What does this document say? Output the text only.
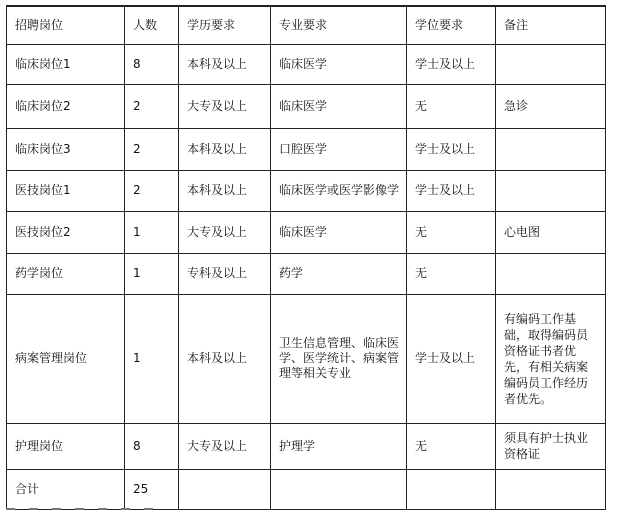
招聘岗位	人数	学历要求	专业要求	学位要求	备注
临床岗位1	8	本科及以上	临床医学	学士及以上	
临床岗位2	2	大专及以上	临床医学	无	急诊
临床岗位3	2	本科及以上	口腔医学	学士及以上	
医技岗位1	2	本科及以上	临床医学或医学影像学	学士及以上	
医技岗位2	1	大专及以上	临床医学	无	心电图
药学岗位	1	专科及以上	药学	无	
病案管理岗位	1	本科及以上	卫生信息管理、临床医学、医学统计、病案管理等相关专业	学士及以上	有编码工作基础，取得编码员资格证书者优先，有相关病案编码员工作经历者优先。
护理岗位	8	大专及以上	护理学	无	须具有护士执业资格证
合计	25				
